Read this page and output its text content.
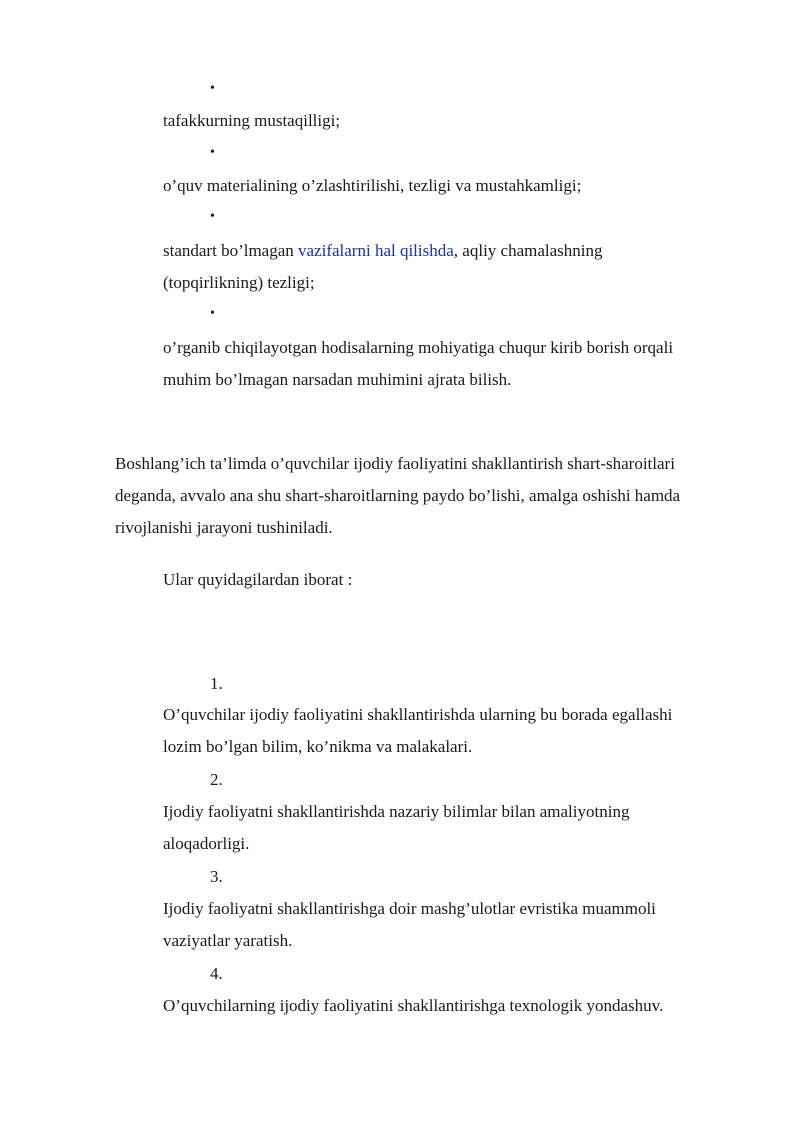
•
tafakkurning mustaqilligi;
•
o’quv materialining o’zlashtirilishi, tezligi va mustahkamligi;
•
standart bo’lmagan vazifalarni hal qilishda, aqliy chamalashning
(topqirlikning) tezligi;
•
o’rganib chiqilayotgan hodisalarning mohiyatiga chuqur kirib borish orqali
muhim bo’lmagan narsadan muhimini ajrata bilish.
Boshlang’ich ta’limda o’quvchilar ijodiy faoliyatini shakllantirish shart-sharoitlari
deganda, avvalo ana shu shart-sharoitlarning paydo bo’lishi, amalga oshishi hamda
rivojlanishi jarayoni tushiniladi.
Ular quyidagilardan iborat :
1.
O’quvchilar ijodiy faoliyatini shakllantirishda ularning bu borada egallashi
lozim bo’lgan bilim, ko’nikma va malakalari.
2.
Ijodiy faoliyatni shakllantirishda nazariy bilimlar bilan amaliyotning
aloqadorligi.
3.
Ijodiy faoliyatni shakllantirishga doir mashg’ulotlar evristika muammoli
vaziyatlar yaratish.
4.
O’quvchilarning ijodiy faoliyatini shakllantirishga texnologik yondashuv.
